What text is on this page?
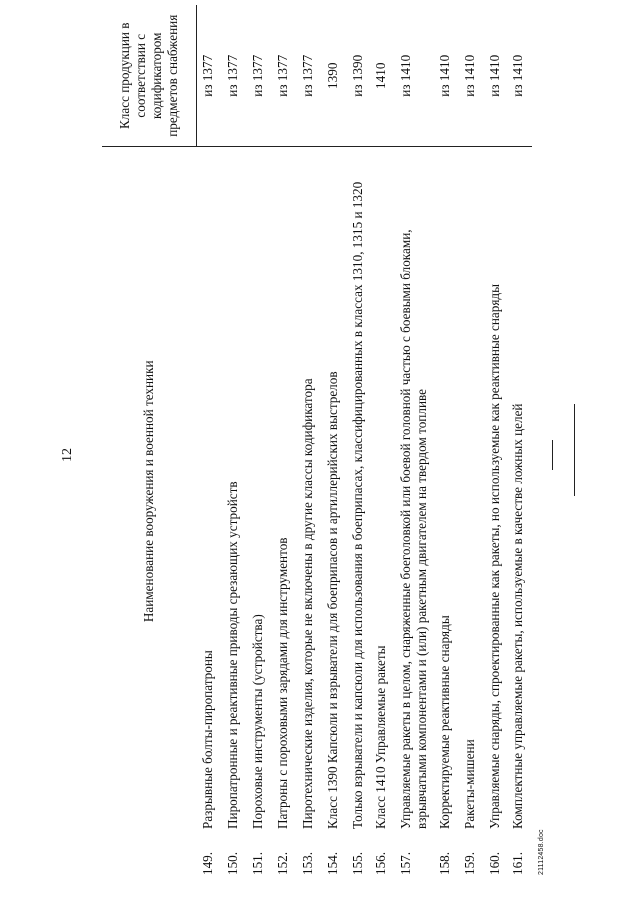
12
		Наименование вооружения и военной техники	Класс продукции в соответствии с кодификатором предметов снабжения
149.	Разрывные болты-пиропатроны	из 1377
150.	Пиропатронные и реактивные приводы срезающих устройств	из 1377
151.	Пороховые инструменты (устройства)	из 1377
152.	Патроны с пороховыми зарядами для инструментов	из 1377
153.	Пиротехнические изделия, которые не включены в другие классы кодификатора	из 1377
154.	Класс 1390 Капсюли и взрыватели для боеприпасов и артиллерийских выстрелов	1390
155.	Только взрыватели и капсюли для использования в боеприпасах, классифицированных в классах 1310, 1315 и 1320	из 1390
156.	Класс 1410 Управляемые ракеты	1410
157.	Управляемые ракеты в целом, снаряженные боеголовкой или боевой головной частью с боевыми блоками, взрывчатыми компонентами и (или) ракетным двигателем на твердом топливе	из 1410
158.	Корректируемые реактивные снаряды	из 1410
159.	Ракеты-мишени	из 1410
160.	Управляемые снаряды, спроектированные как ракеты, но используемые как реактивные снаряды	из 1410
161.	Комплектные управляемые ракеты, используемые в качестве ложных целей	из 1410
21112458.doc
